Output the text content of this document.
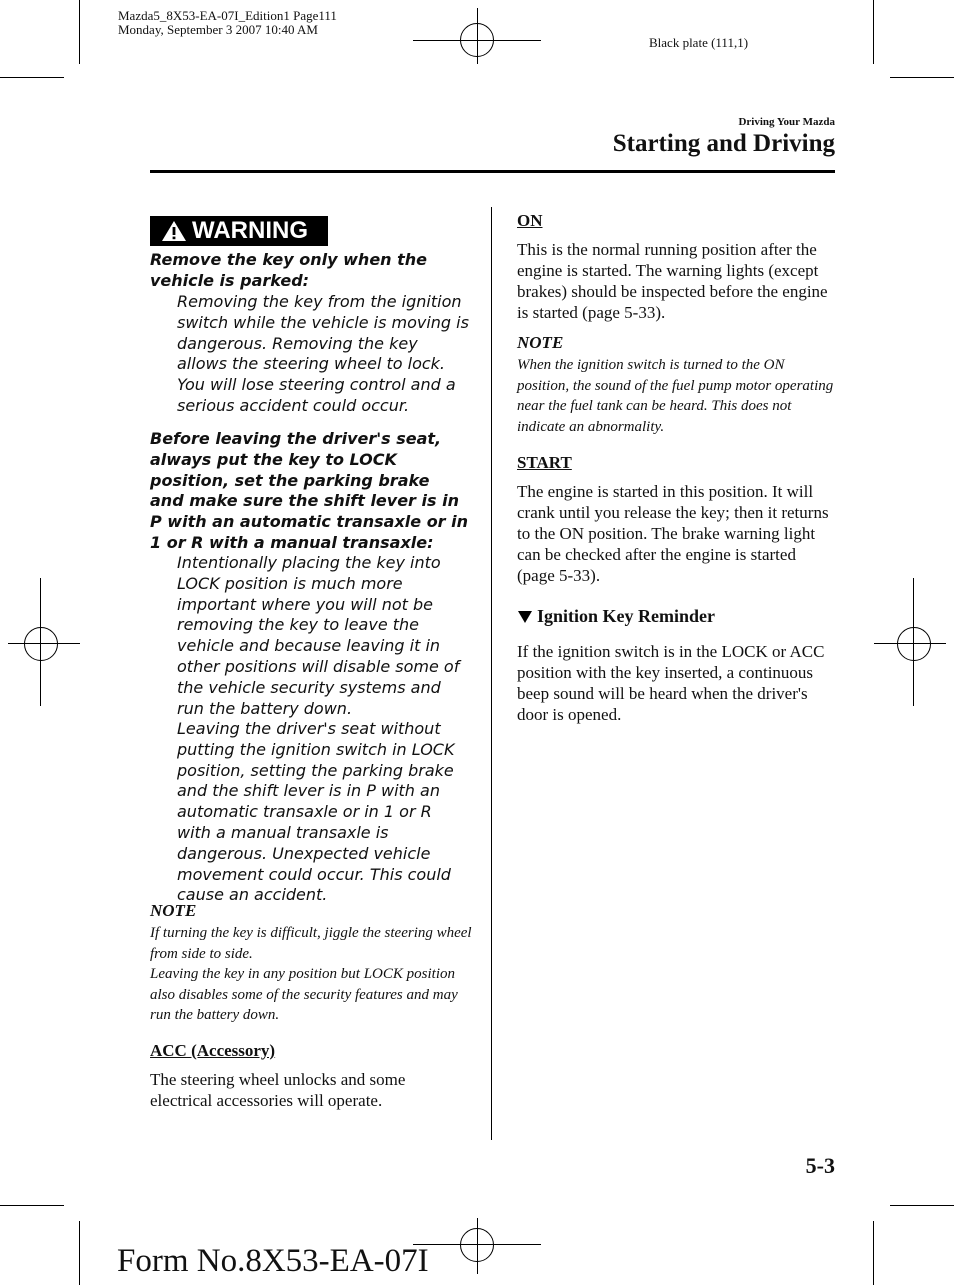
Mazda5_8X53-EA-07I_Edition1 Page111
Monday, September 3 2007 10:40 AM
Black plate (111,1)
Driving Your Mazda
Starting and Driving
WARNING
Remove the key only when the vehicle is parked:
Removing the key from the ignition switch while the vehicle is moving is dangerous. Removing the key allows the steering wheel to lock. You will lose steering control and a serious accident could occur.
Before leaving the driver's seat, always put the key to LOCK position, set the parking brake and make sure the shift lever is in P with an automatic transaxle or in 1 or R with a manual transaxle:
Intentionally placing the key into LOCK position is much more important where you will not be removing the key to leave the vehicle and because leaving it in other positions will disable some of the vehicle security systems and run the battery down.
Leaving the driver's seat without putting the ignition switch in LOCK position, setting the parking brake and the shift lever is in P with an automatic transaxle or in 1 or R with a manual transaxle is dangerous. Unexpected vehicle movement could occur. This could cause an accident.
NOTE
If turning the key is difficult, jiggle the steering wheel from side to side.
Leaving the key in any position but LOCK position also disables some of the security features and may run the battery down.
ACC (Accessory)
The steering wheel unlocks and some electrical accessories will operate.
ON
This is the normal running position after the engine is started. The warning lights (except brakes) should be inspected before the engine is started (page 5-33).
NOTE
When the ignition switch is turned to the ON position, the sound of the fuel pump motor operating near the fuel tank can be heard. This does not indicate an abnormality.
START
The engine is started in this position. It will crank until you release the key; then it returns to the ON position. The brake warning light can be checked after the engine is started (page 5-33).
Ignition Key Reminder
If the ignition switch is in the LOCK or ACC position with the key inserted, a continuous beep sound will be heard when the driver's door is opened.
5-3
Form No.8X53-EA-07I
